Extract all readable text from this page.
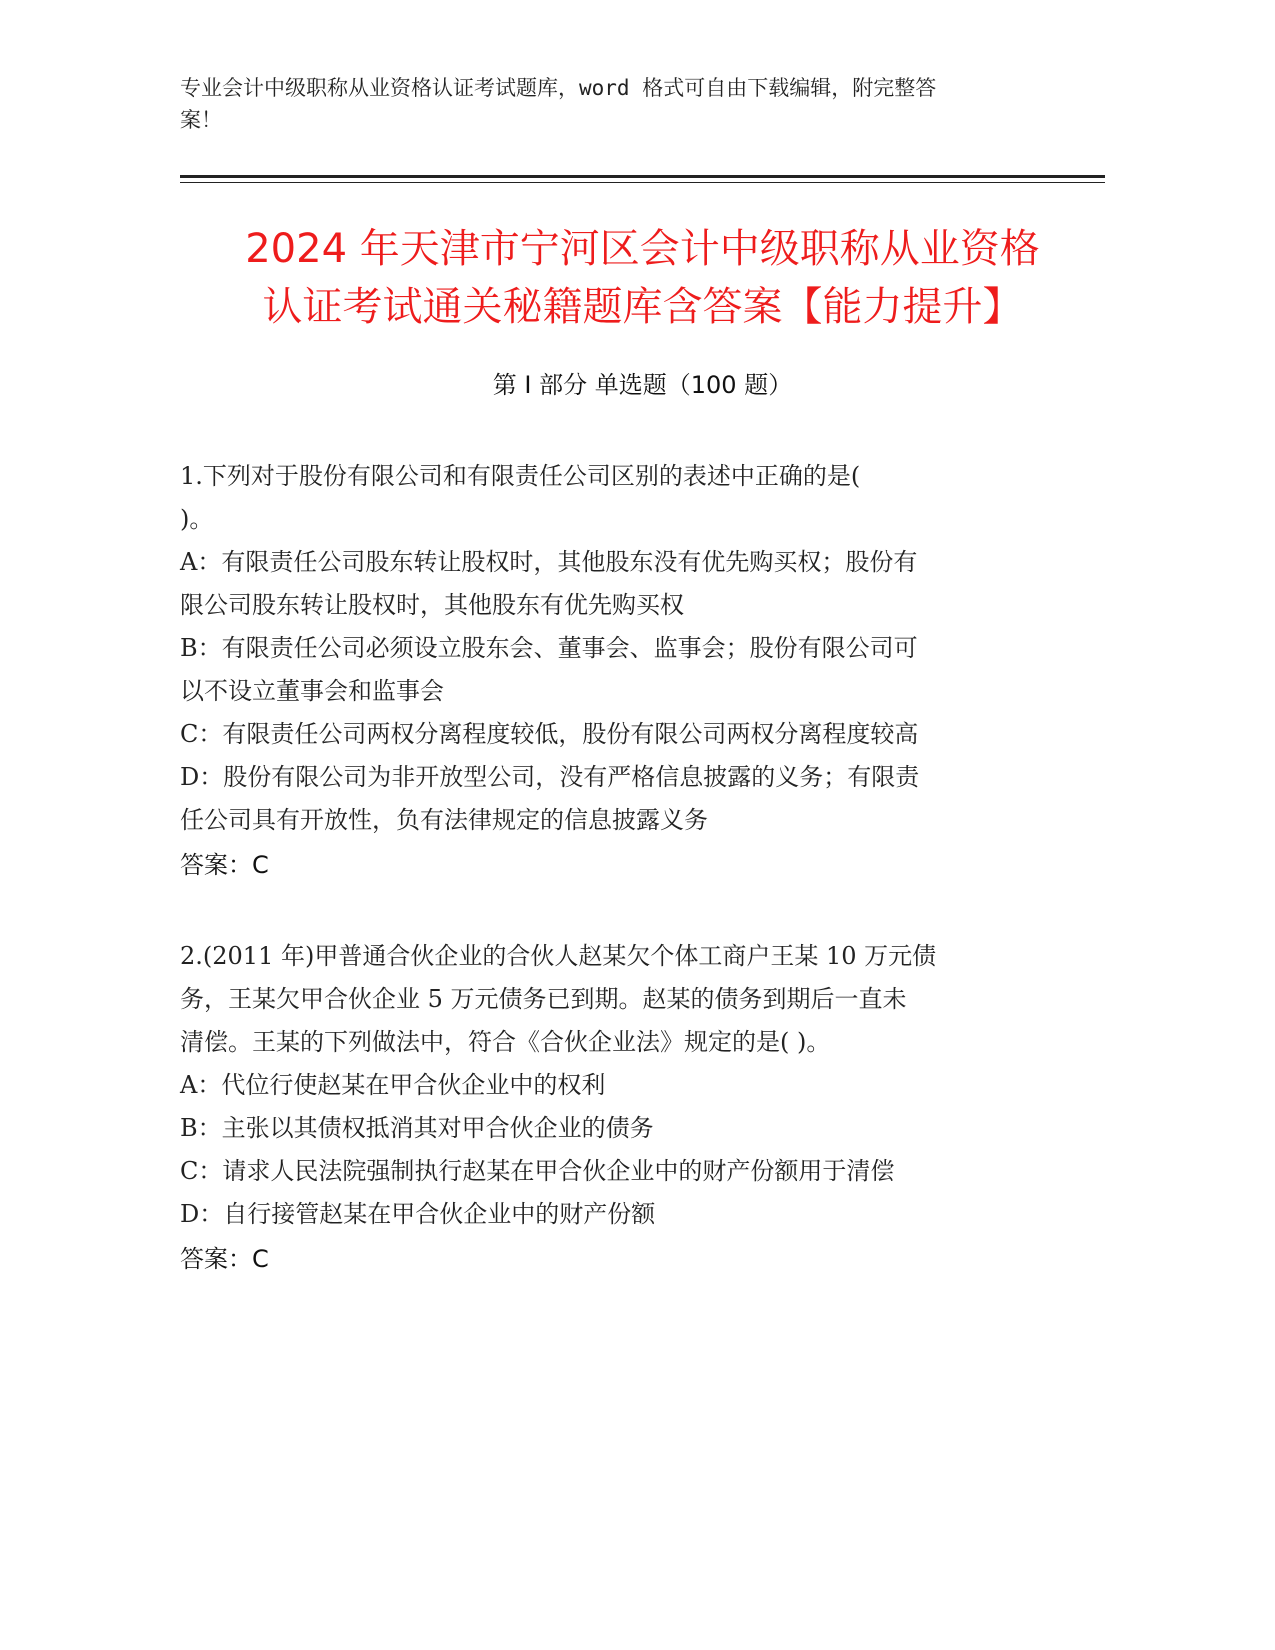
专业会计中级职称从业资格认证考试题库，word 格式可自由下载编辑，附完整答
案！
2024 年天津市宁河区会计中级职称从业资格
认证考试通关秘籍题库含答案【能力提升】
第 I 部分 单选题（100 题）
1.下列对于股份有限公司和有限责任公司区别的表述中正确的是(
)。
A：有限责任公司股东转让股权时，其他股东没有优先购买权；股份有
限公司股东转让股权时，其他股东有优先购买权
B：有限责任公司必须设立股东会、董事会、监事会；股份有限公司可
以不设立董事会和监事会
C：有限责任公司两权分离程度较低，股份有限公司两权分离程度较高
D：股份有限公司为非开放型公司，没有严格信息披露的义务；有限责
任公司具有开放性，负有法律规定的信息披露义务
答案：C
2.(2011 年)甲普通合伙企业的合伙人赵某欠个体工商户王某 10 万元债
务，王某欠甲合伙企业 5 万元债务已到期。赵某的债务到期后一直未
清偿。王某的下列做法中，符合《合伙企业法》规定的是( )。
A：代位行使赵某在甲合伙企业中的权利
B：主张以其债权抵消其对甲合伙企业的债务
C：请求人民法院强制执行赵某在甲合伙企业中的财产份额用于清偿
D：自行接管赵某在甲合伙企业中的财产份额
答案：C
